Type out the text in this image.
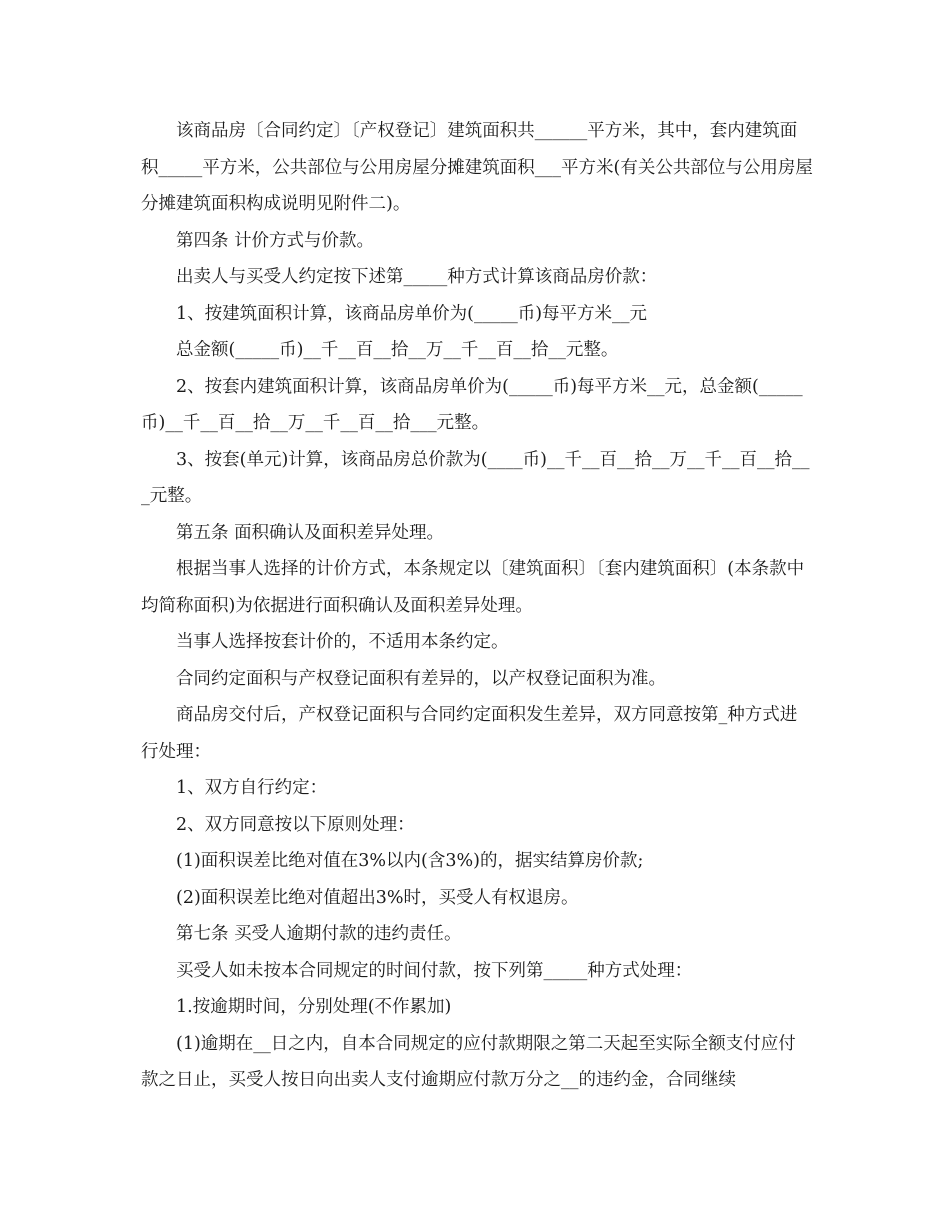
该商品房〔合同约定〕〔产权登记〕建筑面积共______平方米，其中，套内建筑面积_____平方米，公共部位与公用房屋分摊建筑面积___平方米(有关公共部位与公用房屋分摊建筑面积构成说明见附件二)。

第四条 计价方式与价款。

出卖人与买受人约定按下述第_____种方式计算该商品房价款：

1、按建筑面积计算，该商品房单价为(_____币)每平方米__元

总金额(_____币)__千__百__拾__万__千__百__拾__元整。

2、按套内建筑面积计算，该商品房单价为(_____币)每平方米__元，总金额(_____币)__千__百__拾__万__千__百__拾___元整。

3、按套(单元)计算，该商品房总价款为(____币)__千__百__拾__万__千__百__拾___元整。

第五条 面积确认及面积差异处理。

根据当事人选择的计价方式，本条规定以〔建筑面积〕〔套内建筑面积〕(本条款中均简称面积)为依据进行面积确认及面积差异处理。

当事人选择按套计价的，不适用本条约定。

合同约定面积与产权登记面积有差异的，以产权登记面积为准。

商品房交付后，产权登记面积与合同约定面积发生差异，双方同意按第_种方式进行处理：

1、双方自行约定：

2、双方同意按以下原则处理：

(1)面积误差比绝对值在3%以内(含3%)的，据实结算房价款;

(2)面积误差比绝对值超出3%时，买受人有权退房。

第七条 买受人逾期付款的违约责任。

买受人如未按本合同规定的时间付款，按下列第_____种方式处理：

1.按逾期时间，分别处理(不作累加)

(1)逾期在__日之内，自本合同规定的应付款期限之第二天起至实际全额支付应付款之日止，买受人按日向出卖人支付逾期应付款万分之__的违约金，合同继续
